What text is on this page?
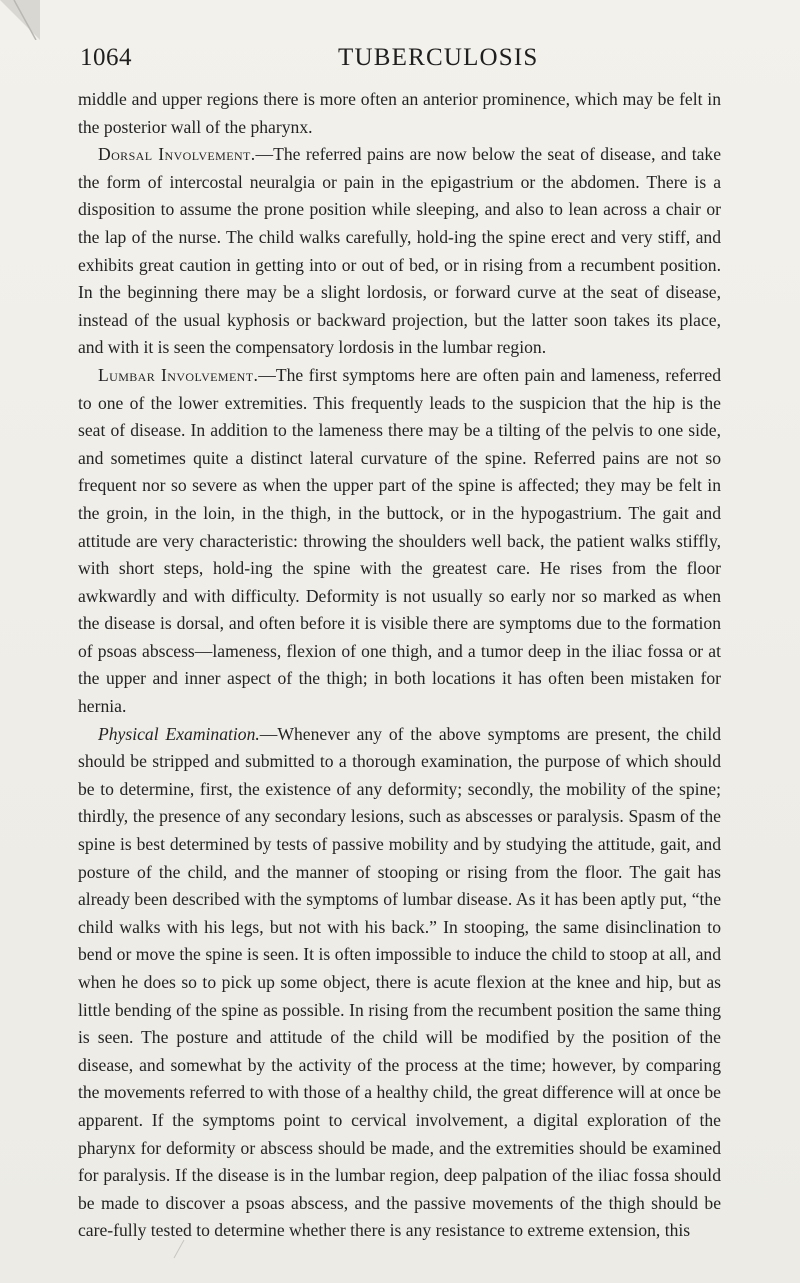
1064	TUBERCULOSIS

middle and upper regions there is more often an anterior prominence, which may be felt in the posterior wall of the pharynx.

Dorsal Involvement.—The referred pains are now below the seat of disease, and take the form of intercostal neuralgia or pain in the epigastrium or the abdomen. There is a disposition to assume the prone position while sleeping, and also to lean across a chair or the lap of the nurse. The child walks carefully, hold-ing the spine erect and very stiff, and exhibits great caution in getting into or out of bed, or in rising from a recumbent position. In the beginning there may be a slight lordosis, or forward curve at the seat of disease, instead of the usual kyphosis or backward projection, but the latter soon takes its place, and with it is seen the compensatory lordosis in the lumbar region.

Lumbar Involvement.—The first symptoms here are often pain and lameness, referred to one of the lower extremities. This frequently leads to the suspicion that the hip is the seat of disease. In addition to the lameness there may be a tilting of the pelvis to one side, and sometimes quite a distinct lateral curvature of the spine. Referred pains are not so frequent nor so severe as when the upper part of the spine is affected; they may be felt in the groin, in the loin, in the thigh, in the buttock, or in the hypogastrium. The gait and attitude are very characteristic: throwing the shoulders well back, the patient walks stiffly, with short steps, hold-ing the spine with the greatest care. He rises from the floor awkwardly and with difficulty. Deformity is not usually so early nor so marked as when the disease is dorsal, and often before it is visible there are symptoms due to the formation of psoas abscess—lameness, flexion of one thigh, and a tumor deep in the iliac fossa or at the upper and inner aspect of the thigh; in both locations it has often been mistaken for hernia.

Physical Examination.—Whenever any of the above symptoms are present, the child should be stripped and submitted to a thorough examination, the purpose of which should be to determine, first, the existence of any deformity; secondly, the mobility of the spine; thirdly, the presence of any secondary lesions, such as abscesses or paralysis. Spasm of the spine is best determined by tests of passive mobility and by studying the attitude, gait, and posture of the child, and the manner of stooping or rising from the floor. The gait has already been described with the symptoms of lumbar disease. As it has been aptly put, “the child walks with his legs, but not with his back.” In stooping, the same disinclination to bend or move the spine is seen. It is often impossible to induce the child to stoop at all, and when he does so to pick up some object, there is acute flexion at the knee and hip, but as little bending of the spine as possible. In rising from the recumbent position the same thing is seen. The posture and attitude of the child will be modified by the position of the disease, and somewhat by the activity of the process at the time; however, by comparing the movements referred to with those of a healthy child, the great difference will at once be apparent. If the symptoms point to cervical involvement, a digital exploration of the pharynx for deformity or abscess should be made, and the extremities should be examined for paralysis. If the disease is in the lumbar region, deep palpation of the iliac fossa should be made to discover a psoas abscess, and the passive movements of the thigh should be care-fully tested to determine whether there is any resistance to extreme extension, this
